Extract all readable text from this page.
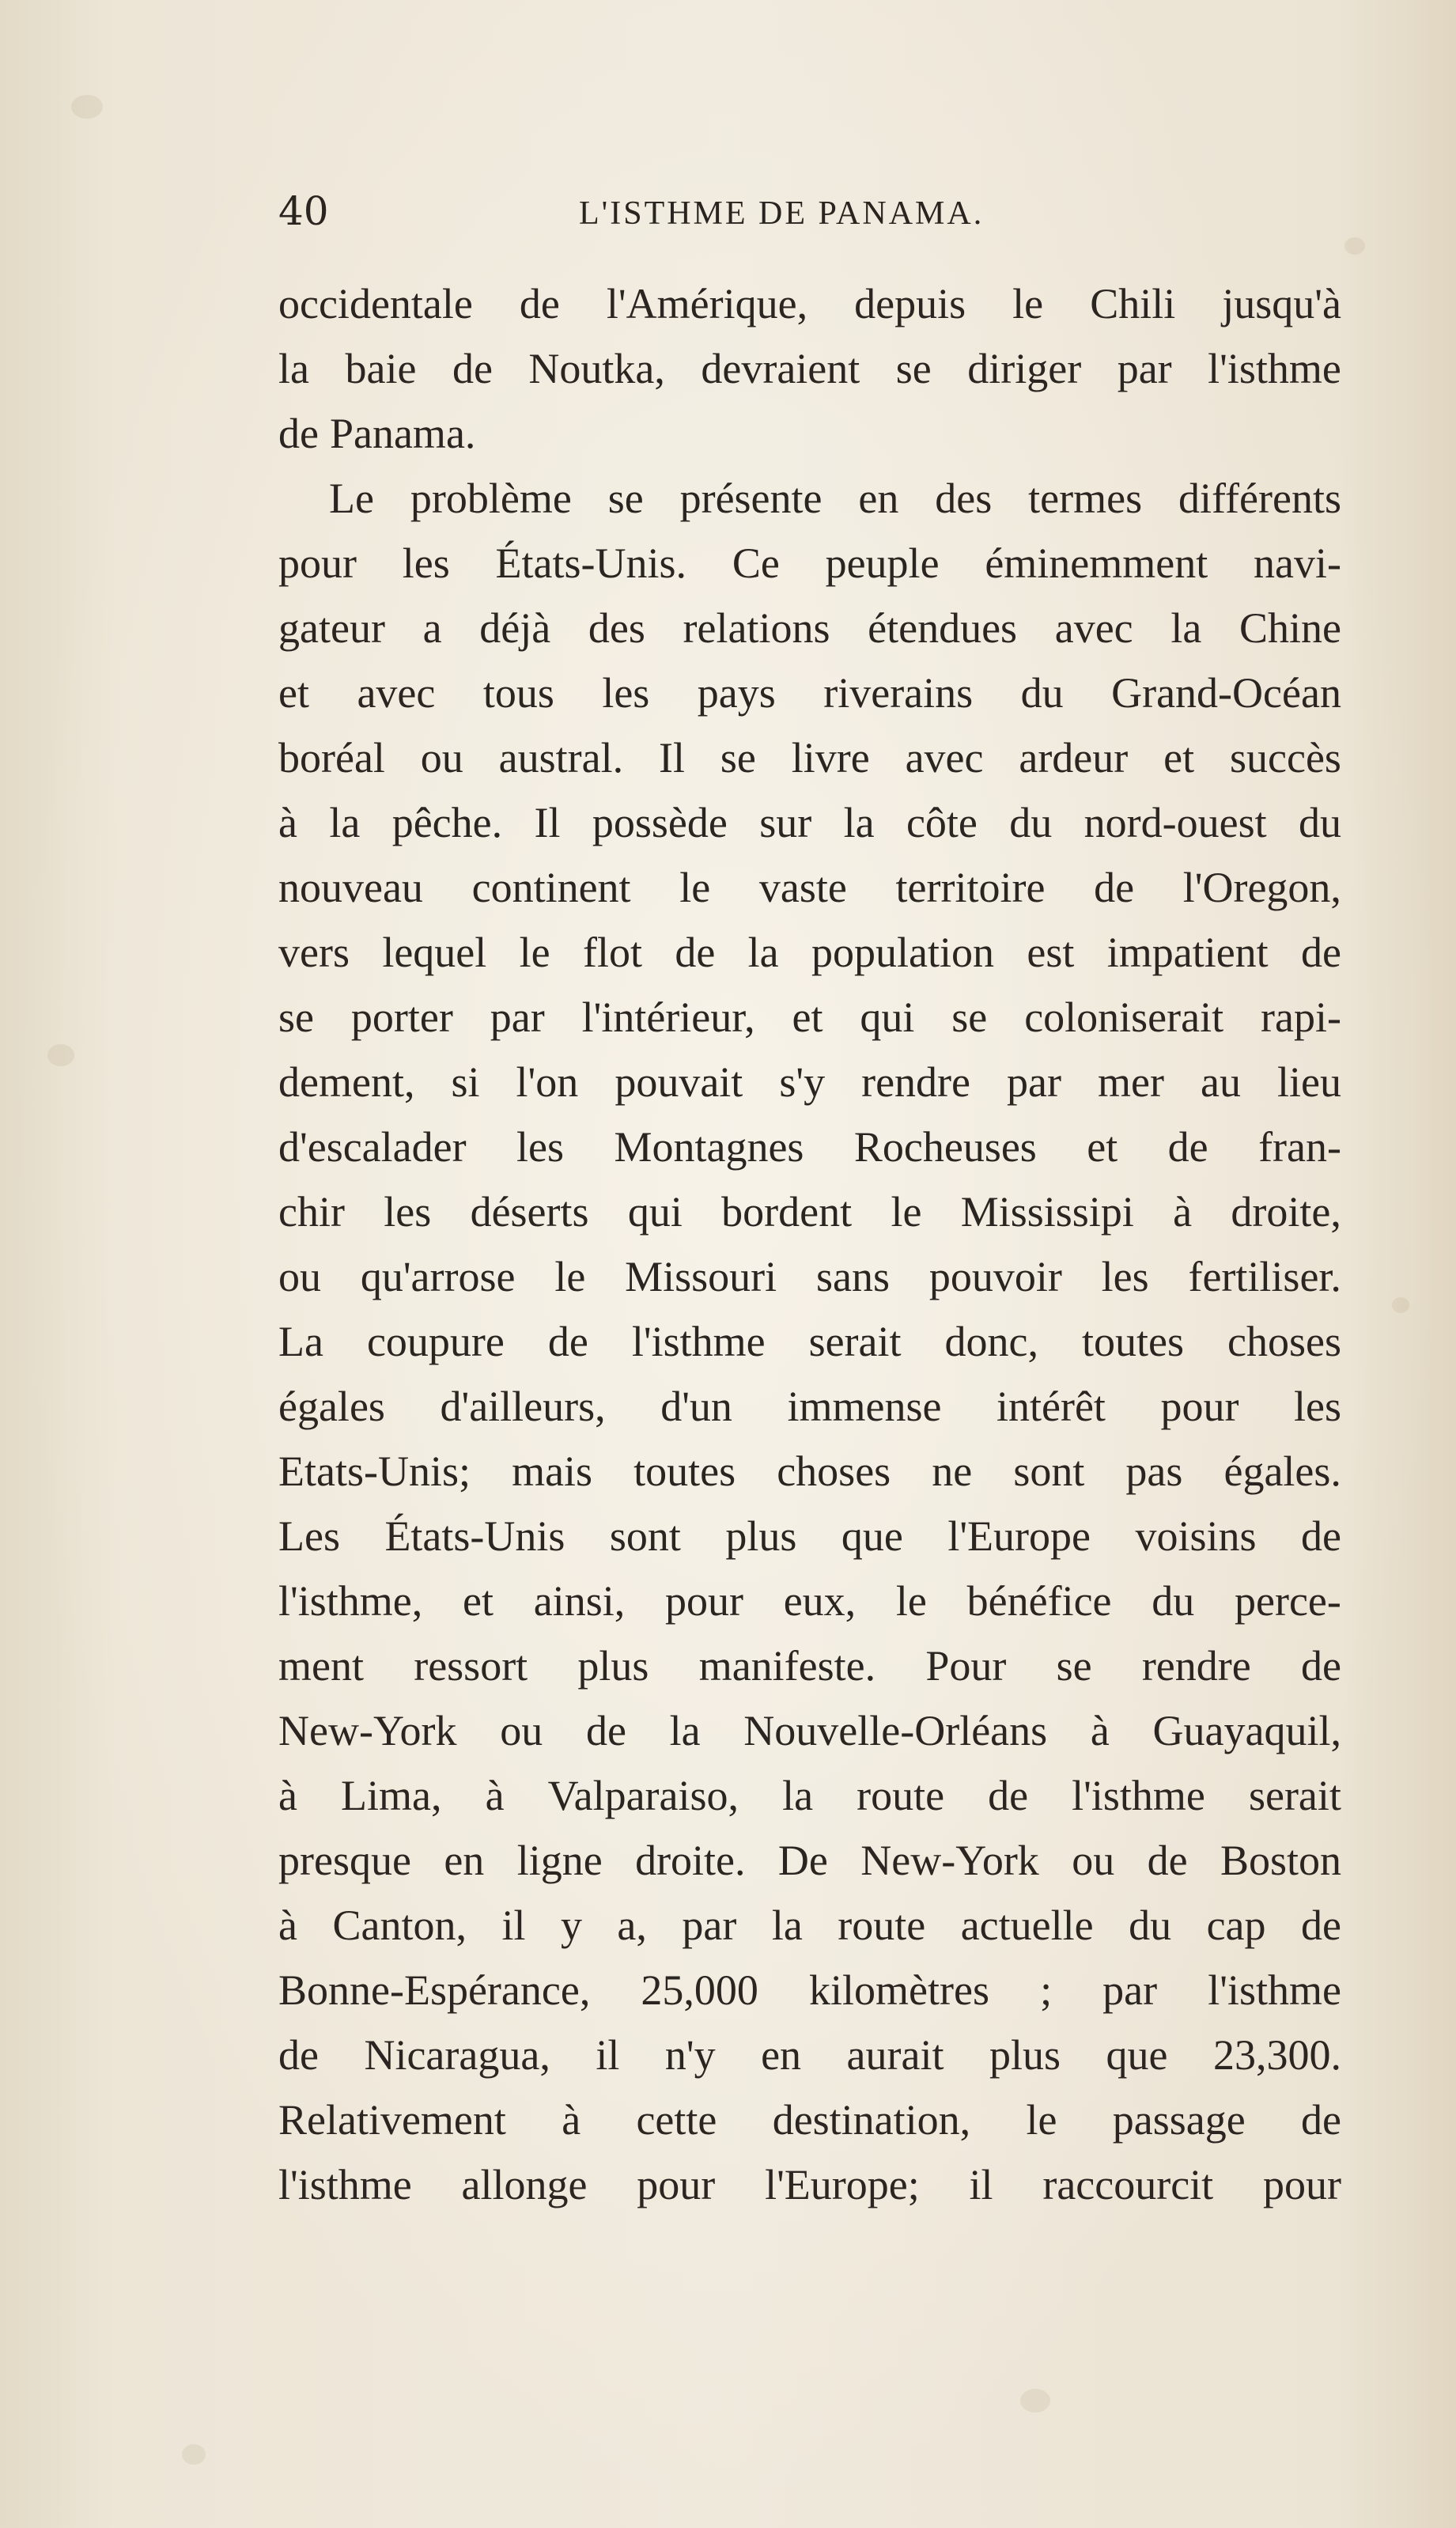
40	L'ISTHME DE PANAMA.
occidentale de l'Amérique, depuis le Chili jusqu'à
la baie de Noutka, devraient se diriger par l'isthme
de Panama.
Le problème se présente en des termes différents
pour les États-Unis. Ce peuple éminemment navi-
gateur a déjà des relations étendues avec la Chine
et avec tous les pays riverains du Grand-Océan
boréal ou austral. Il se livre avec ardeur et succès
à la pêche. Il possède sur la côte du nord-ouest du
nouveau continent le vaste territoire de l'Oregon,
vers lequel le flot de la population est impatient de
se porter par l'intérieur, et qui se coloniserait rapi-
dement, si l'on pouvait s'y rendre par mer au lieu
d'escalader les Montagnes Rocheuses et de fran-
chir les déserts qui bordent le Mississipi à droite,
ou qu'arrose le Missouri sans pouvoir les fertiliser.
La coupure de l'isthme serait donc, toutes choses
égales d'ailleurs, d'un immense intérêt pour les
Etats-Unis; mais toutes choses ne sont pas égales.
Les États-Unis sont plus que l'Europe voisins de
l'isthme, et ainsi, pour eux, le bénéfice du perce-
ment ressort plus manifeste. Pour se rendre de
New-York ou de la Nouvelle-Orléans à Guayaquil,
à Lima, à Valparaiso, la route de l'isthme serait
presque en ligne droite. De New-York ou de Boston
à Canton, il y a, par la route actuelle du cap de
Bonne-Espérance, 25,000 kilomètres ; par l'isthme
de Nicaragua, il n'y en aurait plus que 23,300.
Relativement à cette destination, le passage de
l'isthme allonge pour l'Europe; il raccourcit pour
